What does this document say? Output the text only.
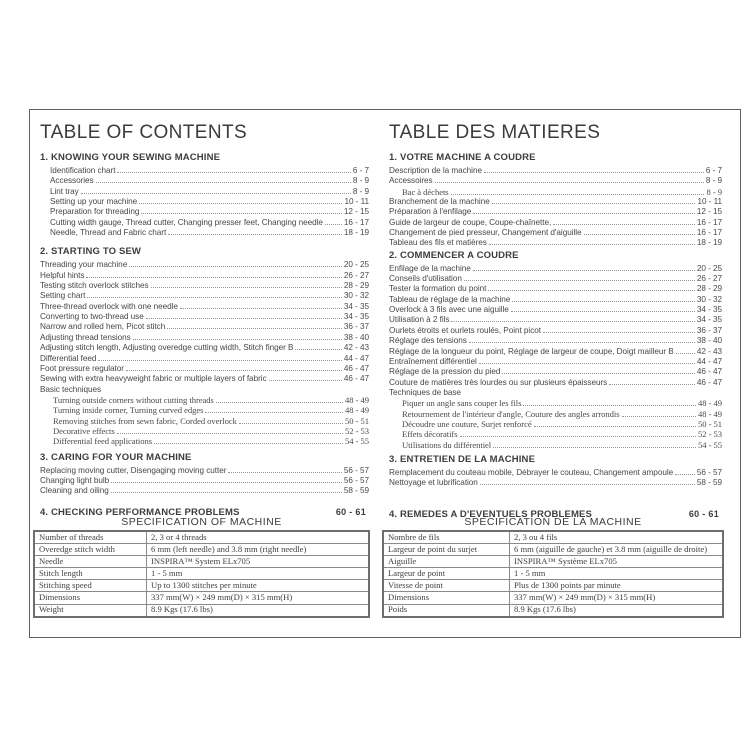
TABLE OF CONTENTS
1. KNOWING YOUR SEWING MACHINE
Identification chart	6 - 7
Accessories	8 - 9
Lint tray	8 - 9
Setting up your machine	10 - 11
Preparation for threading	12 - 15
Cutting width gauge, Thread cutter, Changing presser feet, Changing needle	16 - 17
Needle, Thread and Fabric chart	18 - 19
2. STARTING TO SEW
Threading your machine	20 - 25
Helpful hints	26 - 27
Testing stitch overlock stitches	28 - 29
Setting chart	30 - 32
Three-thread overlock with one needle	34 - 35
Converting to two-thread use	34 - 35
Narrow and rolled hem, Picot stitch	36 - 37
Adjusting thread tensions	38 - 40
Adjusting stitch length, Adjusting overedge cutting width, Stitch finger B	42 - 43
Differential feed	44 - 47
Foot pressure regulator	46 - 47
Sewing with extra heavyweight fabric or multiple layers of fabric	46 - 47
Basic techniques
Turning outside corners without cutting threads	48 - 49
Turning inside corner, Turning curved edges	48 - 49
Removing stitches from sewn fabric, Corded overlock	50 - 51
Decorative effects	52 - 53
Differential feed applications	54 - 55
3. CARING FOR YOUR MACHINE
Replacing moving cutter, Disengaging moving cutter	56 - 57
Changing light bulb	56 - 57
Cleaning and oiling	58 - 59
4. CHECKING PERFORMANCE PROBLEMS	60 - 61
TABLE DES MATIERES
1. VOTRE MACHINE A COUDRE
Description de la machine	6 - 7
Accessoires	8 - 9
Bac à déchets	8 - 9
Branchement de la machine	10 - 11
Préparation à l'enfilage	12 - 15
Guide de largeur de coupe, Coupe-chaînette,	16 - 17
Changement de pied presseur, Changement d'aiguille	16 - 17
Tableau des fils et matières	18 - 19
2. COMMENCER A COUDRE
Enfilage de la machine	20 - 25
Conseils d'utilisation	26 - 27
Tester la formation du point	28 - 29
Tableau de réglage de la machine	30 - 32
Overlock à 3 fils avec une aiguille	34 - 35
Utilisation à 2 fils	34 - 35
Ourlets étroits et ourlets roulés, Point picot	36 - 37
Réglage des tensions	38 - 40
Réglage de la longueur du point, Réglage de largeur de coupe, Doigt mailleur B	42 - 43
Entraînement différentiel	44 - 47
Réglage de la pression du pied	46 - 47
Couture de matières très lourdes ou sur plusieurs épaisseurs	46 - 47
Techniques de base
Piquer un angle sans couper les fils	48 - 49
Retournement de l'intérieur d'angle, Couture des angles arrondis	48 - 49
Découdre une couture, Surjet renforcé	50 - 51
Effets décoratifs	52 - 53
Utilisations du différentiel	54 - 55
3. ENTRETIEN DE LA MACHINE
Remplacement du couteau mobile, Débrayer le couteau, Changement ampoule	56 - 57
Nettoyage et lubrification	58 - 59
4. REMEDES A D'EVENTUELS PROBLEMES	60 - 61
SPECIFICATION OF MACHINE
Number of threads	2, 3 or 4 threads
Overedge stitch width	6 mm (left needle) and 3.8 mm (right needle)
Needle	INSPIRA™ System ELx705
Stitch length	1 - 5 mm
Stitching speed	Up to 1300 stitches per minute
Dimensions	337 mm(W) × 249 mm(D) × 315 mm(H)
Weight	8.9 Kgs (17.6 lbs)
SPECIFICATION DE LA MACHINE
Nombre de fils	2, 3 ou 4 fils
Largeur de point du surjet	6 mm (aiguille de gauche) et 3.8 mm (aiguille de droite)
Aiguille	INSPIRA™ Système ELx705
Largeur de point	1 - 5 mm
Vitesse de point	Plus de 1300 points par minute
Dimensions	337 mm(W) × 249 mm(D) × 315 mm(H)
Poids	8.9 Kgs (17.6 lbs)
